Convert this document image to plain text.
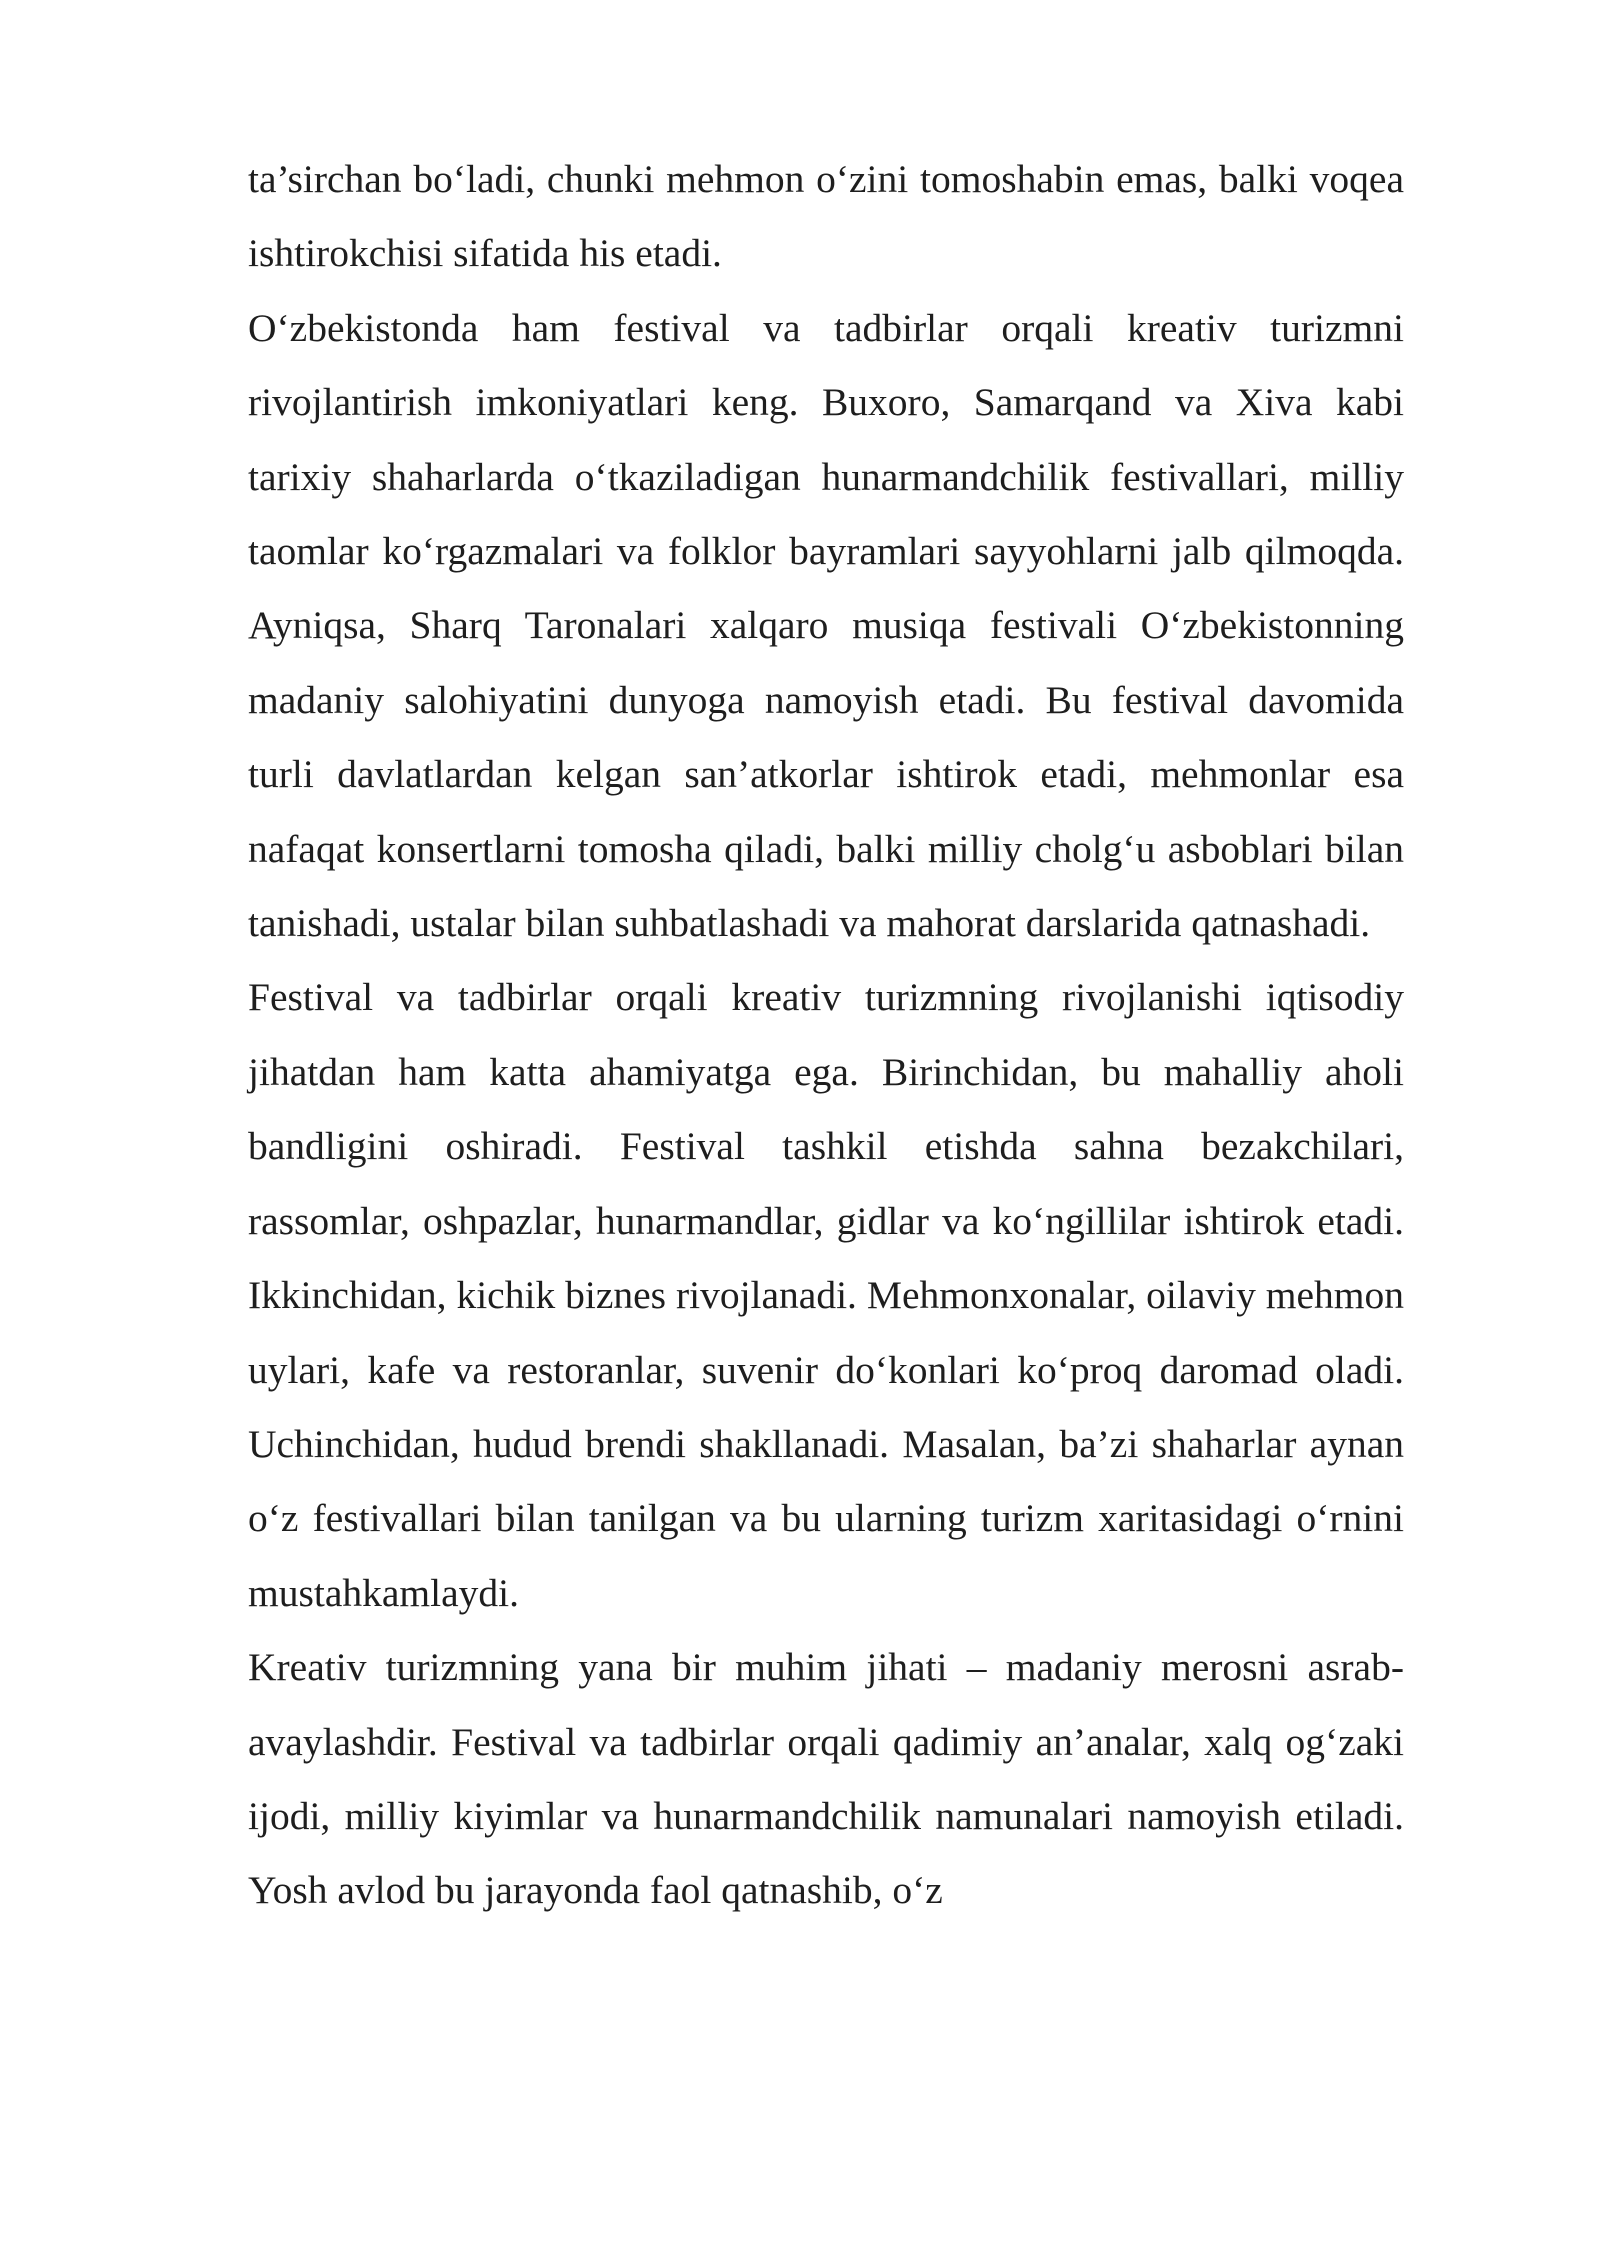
ta’sirchan bo‘ladi, chunki mehmon o‘zini tomoshabin emas, balki voqea ishtirokchisi sifatida his etadi.

O‘zbekistonda ham festival va tadbirlar orqali kreativ turizmni rivojlantirish imkoniyatlari keng. Buxoro, Samarqand va Xiva kabi tarixiy shaharlarda o‘tkaziladigan hunarmandchilik festivallari, milliy taomlar ko‘rgazmalari va folklor bayramlari sayyohlarni jalb qilmoqda. Ayniqsa, Sharq Taronalari xalqaro musiqa festivali O‘zbekistonning madaniy salohiyatini dunyoga namoyish etadi. Bu festival davomida turli davlatlardan kelgan san’atkorlar ishtirok etadi, mehmonlar esa nafaqat konsertlarni tomosha qiladi, balki milliy cholg‘u asboblari bilan tanishadi, ustalar bilan suhbatlashadi va mahorat darslarida qatnashadi.

Festival va tadbirlar orqali kreativ turizmning rivojlanishi iqtisodiy jihatdan ham katta ahamiyatga ega. Birinchidan, bu mahalliy aholi bandligini oshiradi. Festival tashkil etishda sahna bezakchilari, rassomlar, oshpazlar, hunarmandlar, gidlar va ko‘ngillilar ishtirok etadi. Ikkinchidan, kichik biznes rivojlanadi. Mehmonxonalar, oilaviy mehmon uylari, kafe va restoranlar, suvenir do‘konlari ko‘proq daromad oladi. Uchinchidan, hudud brendi shakllanadi. Masalan, ba’zi shaharlar aynan o‘z festivallari bilan tanilgan va bu ularning turizm xaritasidagi o‘rnini mustahkamlaydi.

Kreativ turizmning yana bir muhim jihati – madaniy merosni asrab-avaylashdir. Festival va tadbirlar orqali qadimiy an’analar, xalq og‘zaki ijodi, milliy kiyimlar va hunarmandchilik namunalari namoyish etiladi. Yosh avlod bu jarayonda faol qatnashib, o‘z
